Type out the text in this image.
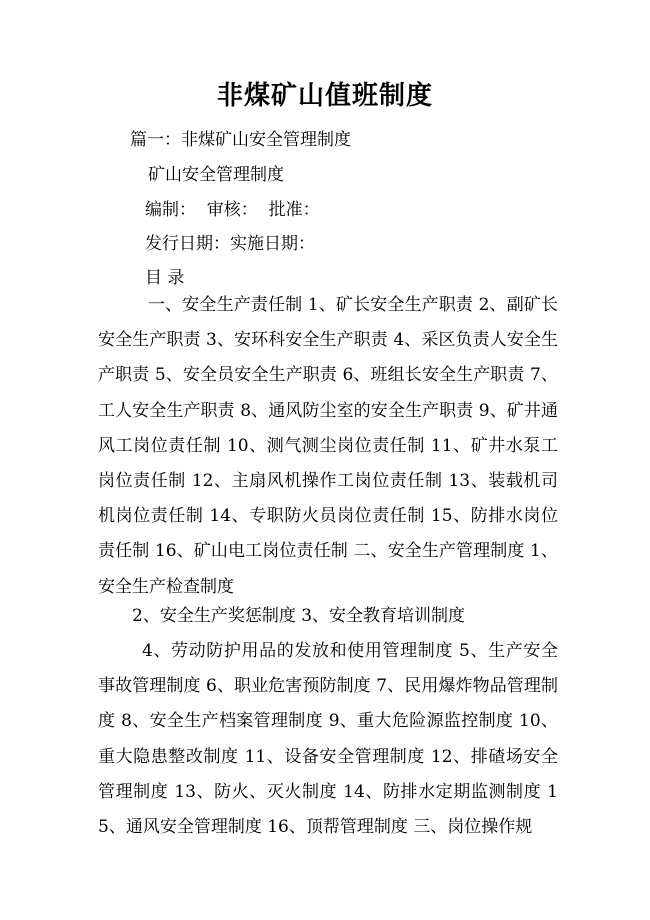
非煤矿山值班制度
篇一：非煤矿山安全管理制度
矿山安全管理制度
编制：  审核：  批准：
发行日期：实施日期：
目 录

一、安全生产责任制 1、矿长安全生产职责 2、副矿长安全生产职责 3、安环科安全生产职责 4、采区负责人安全生产职责 5、安全员安全生产职责 6、班组长安全生产职责 7、工人安全生产职责 8、通风防尘室的安全生产职责 9、矿井通风工岗位责任制 10、测气测尘岗位责任制 11、矿井水泵工岗位责任制 12、主扇风机操作工岗位责任制 13、装载机司机岗位责任制 14、专职防火员岗位责任制 15、防排水岗位责任制 16、矿山电工岗位责任制 二、安全生产管理制度 1、安全生产检查制度

2、安全生产奖惩制度 3、安全教育培训制度

4、劳动防护用品的发放和使用管理制度 5、生产安全事故管理制度 6、职业危害预防制度 7、民用爆炸物品管理制度 8、安全生产档案管理制度 9、重大危险源监控制度 10、重大隐患整改制度 11、设备安全管理制度 12、排碴场安全管理制度 13、防火、灭火制度 14、防排水定期监测制度 15、通风安全管理制度 16、顶帮管理制度 三、岗位操作规
